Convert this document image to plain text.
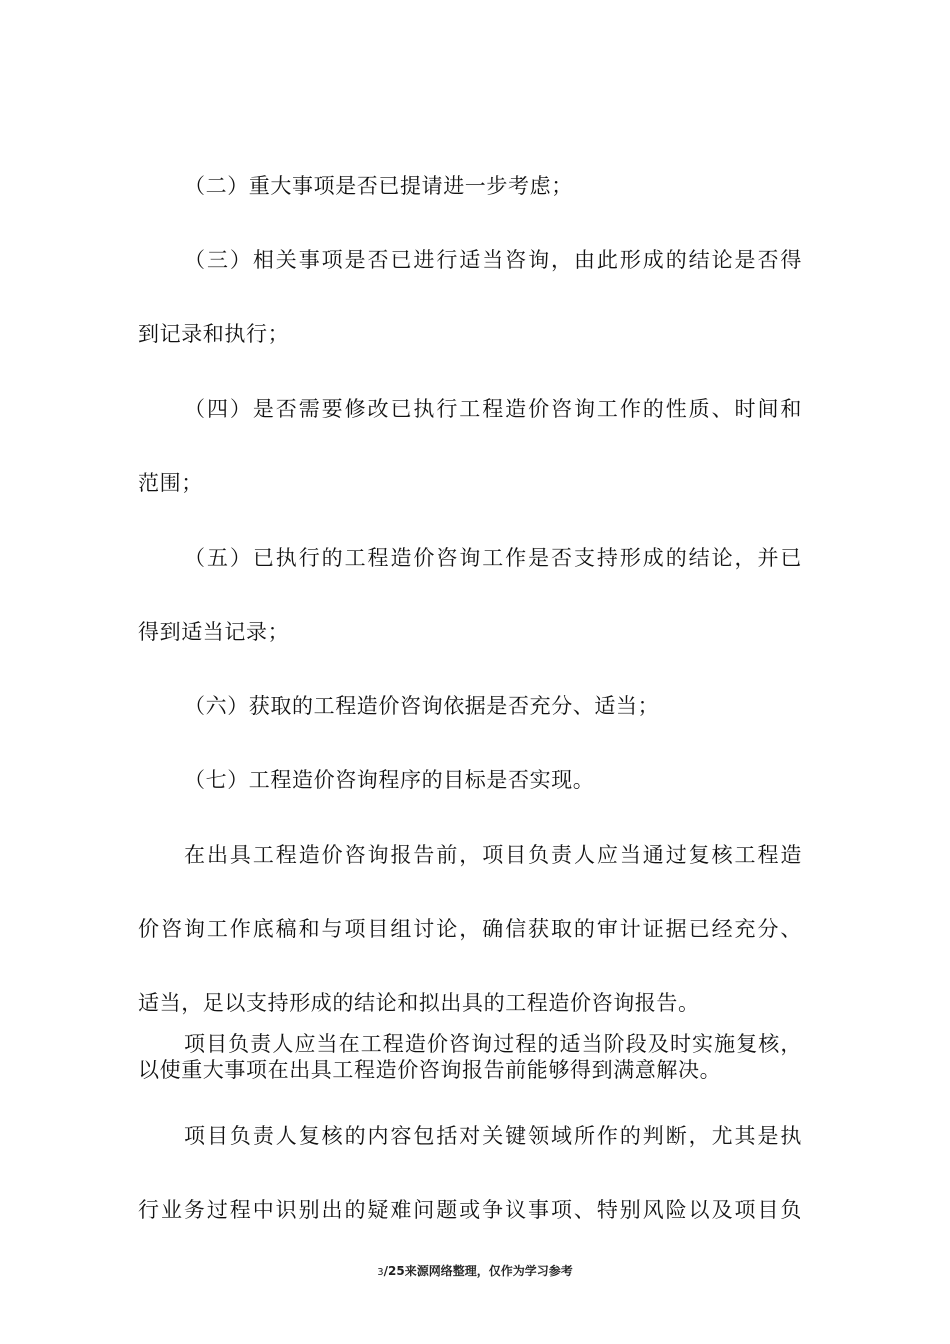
（二）重大事项是否已提请进一步考虑；
（三）相关事项是否已进行适当咨询，由此形成的结论是否得
到记录和执行；
（四）是否需要修改已执行工程造价咨询工作的性质、时间和
范围；
（五）已执行的工程造价咨询工作是否支持形成的结论，并已
得到适当记录；
（六）获取的工程造价咨询依据是否充分、适当；
（七）工程造价咨询程序的目标是否实现。
在出具工程造价咨询报告前，项目负责人应当通过复核工程造
价咨询工作底稿和与项目组讨论，确信获取的审计证据已经充分、
适当，足以支持形成的结论和拟出具的工程造价咨询报告。
项目负责人应当在工程造价咨询过程的适当阶段及时实施复核，
以使重大事项在出具工程造价咨询报告前能够得到满意解决。
项目负责人复核的内容包括对关键领域所作的判断，尤其是执
行业务过程中识别出的疑难问题或争议事项、特别风险以及项目负
3/25来源网络整理，仅作为学习参考
